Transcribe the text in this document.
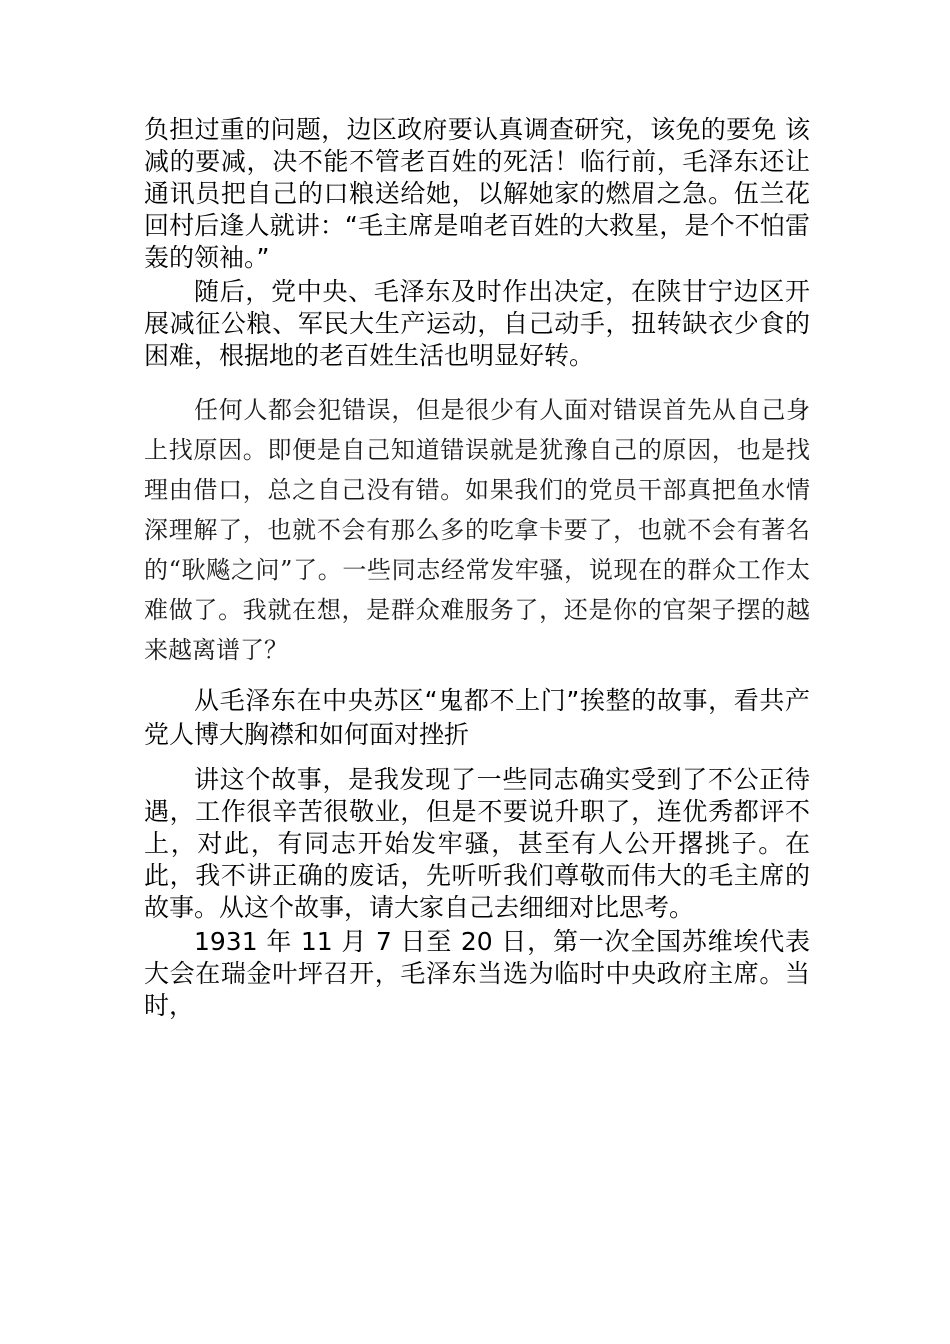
负担过重的问题，边区政府要认真调查研究，该免的要免 该减的要减，决不能不管老百姓的死活！临行前，毛泽东还让通讯员把自己的口粮送给她，以解她家的燃眉之急。伍兰花回村后逢人就讲：“毛主席是咱老百姓的大救星，是个不怕雷轰的领袖。”

随后，党中央、毛泽东及时作出决定，在陕甘宁边区开展减征公粮、军民大生产运动，自己动手，扭转缺衣少食的困难，根据地的老百姓生活也明显好转。

任何人都会犯错误，但是很少有人面对错误首先从自己身上找原因。即便是自己知道错误就是犹豫自己的原因，也是找理由借口，总之自己没有错。如果我们的党员干部真把鱼水情深理解了，也就不会有那么多的吃拿卡要了，也就不会有著名的“耿飚之问”了。一些同志经常发牢骚，说现在的群众工作太难做了。我就在想，是群众难服务了，还是你的官架子摆的越来越离谱了？

从毛泽东在中央苏区“鬼都不上门”挨整的故事，看共产党人博大胸襟和如何面对挫折

讲这个故事，是我发现了一些同志确实受到了不公正待遇，工作很辛苦很敬业，但是不要说升职了，连优秀都评不上，对此，有同志开始发牢骚，甚至有人公开撂挑子。在此，我不讲正确的废话，先听听我们尊敬而伟大的毛主席的故事。从这个故事，请大家自己去细细对比思考。

1931 年 11 月 7 日至 20 日，第一次全国苏维埃代表大会在瑞金叶坪召开，毛泽东当选为临时中央政府主席。当时，
